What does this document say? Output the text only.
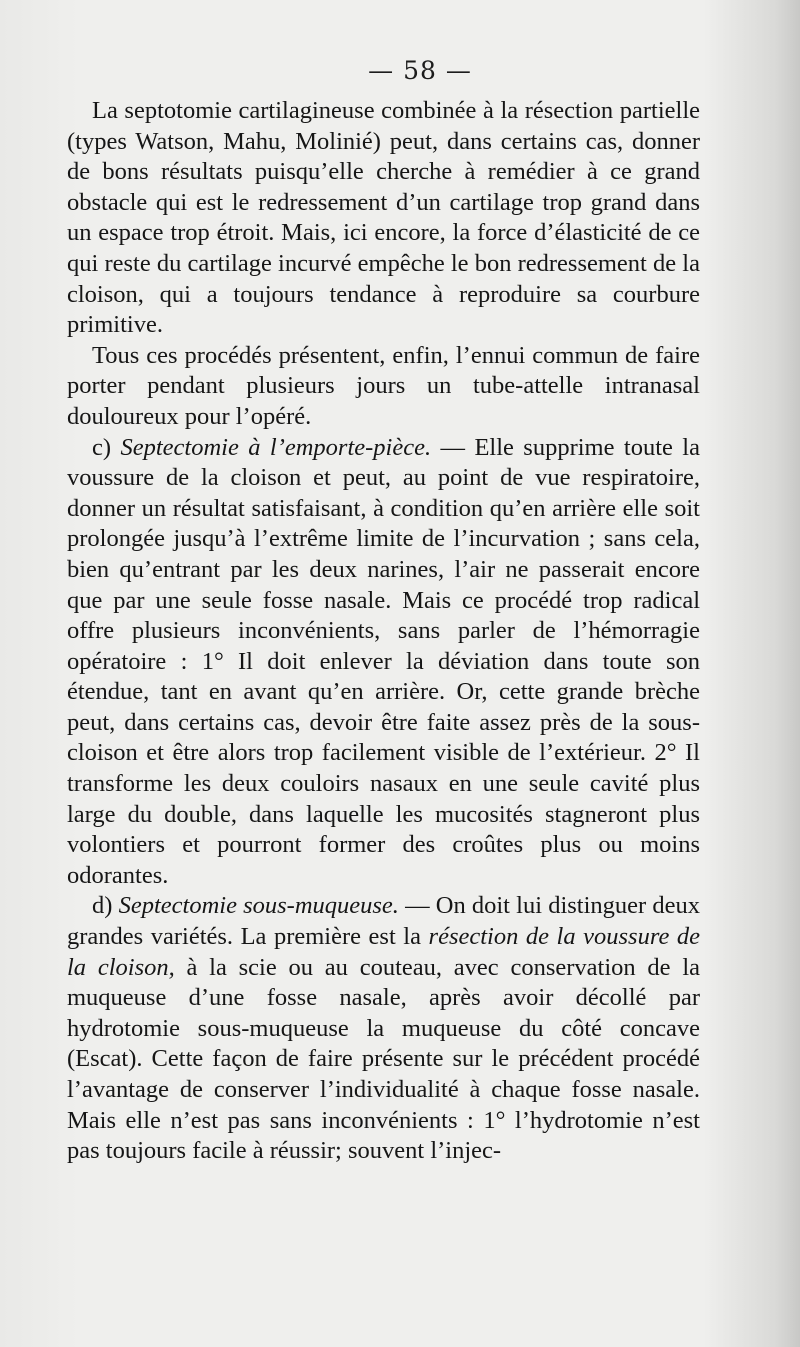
— 58 —

La septotomie cartilagineuse combinée à la résection partielle (types Watson, Mahu, Molinié) peut, dans certains cas, donner de bons résultats puisqu’elle cherche à remédier à ce grand obstacle qui est le redressement d’un cartilage trop grand dans un espace trop étroit. Mais, ici encore, la force d’élasticité de ce qui reste du cartilage incurvé empêche le bon redressement de la cloison, qui a toujours tendance à reproduire sa courbure primitive.

Tous ces procédés présentent, enfin, l’ennui commun de faire porter pendant plusieurs jours un tube-attelle intranasal douloureux pour l’opéré.

c) Septectomie à l’emporte-pièce. — Elle supprime toute la voussure de la cloison et peut, au point de vue respiratoire, donner un résultat satisfaisant, à condition qu’en arrière elle soit prolongée jusqu’à l’extrême limite de l’incurvation ; sans cela, bien qu’entrant par les deux narines, l’air ne passerait encore que par une seule fosse nasale. Mais ce procédé trop radical offre plusieurs inconvénients, sans parler de l’hémorragie opératoire : 1° Il doit enlever la déviation dans toute son étendue, tant en avant qu’en arrière. Or, cette grande brèche peut, dans certains cas, devoir être faite assez près de la sous-cloison et être alors trop facilement visible de l’extérieur. 2° Il transforme les deux couloirs nasaux en une seule cavité plus large du double, dans laquelle les mucosités stagneront plus volontiers et pourront former des croûtes plus ou moins odorantes.

d) Septectomie sous-muqueuse. — On doit lui distinguer deux grandes variétés. La première est la résection de la voussure de la cloison, à la scie ou au couteau, avec conservation de la muqueuse d’une fosse nasale, après avoir décollé par hydrotomie sous-muqueuse la muqueuse du côté concave (Escat). Cette façon de faire présente sur le précédent procédé l’avantage de conserver l’individualité à chaque fosse nasale. Mais elle n’est pas sans inconvénients : 1° l’hydrotomie n’est pas toujours facile à réussir; souvent l’injec-
